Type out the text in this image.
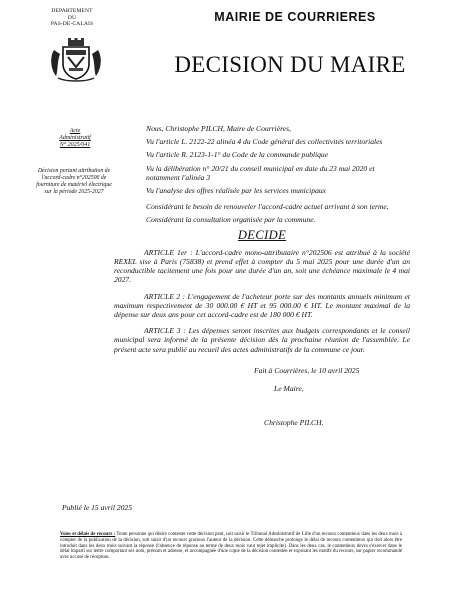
DEPARTEMENT
DU
PAS-DE-CALAIS
MAIRIE DE COURRIERES
DECISION DU MAIRE
Acte
Administratif
N° 2025/041
Décision portant attribution de l'accord-cadre n°202506 de fourniture de matériel électrique sur la période 2025-2027
Nous, Christophe PILCH, Maire de Courrières,
Vu l'article L. 2122-22 alinéa 4 du Code général des collectivités territoriales
Vu l'article R. 2123-1-1° du Code de la commande publique
Vu la délibération n° 20/21 du conseil municipal en date du 23 mai 2020 et notamment l'alinéa 3
Vu l'analyse des offres réalisée par les services municipaux
Considérant le besoin de renouveler l'accord-cadre actuel arrivant à son terme,
Considérant la consultation organisée par la commune.
DECIDE
ARTICLE 1er : L'accord-cadre mono-attributaire n°202506 est attribué à la société REXEL sise à Paris (75838) et prend effet à compter du 5 mai 2025 pour une durée d'un an reconductible tacitement une fois pour une durée d'un an, soit une échéance maximale le 4 mai 2027.
ARTICLE 2 : L'engagement de l'acheteur porte sur des montants annuels minimum et maximum respectivement de 30 000.00 € HT et 95 000.00 € HT. Le montant maximal de la dépense sur deux ans pour cet accord-cadre est de 180 000 € HT.
ARTICLE 3 : Les dépenses seront inscrites aux budgets correspondants et le conseil municipal sera informé de la présente décision dès la prochaine réunion de l'assemblée. Le présent acte sera publié au recueil des actes administratifs de la commune ce jour.
Fait à Courrières, le 10 avril 2025
Le Maire,
Christophe PILCH.
Publié le 15 avril 2025
Voies et délais de recours : Toute personne qui désire contester cette décision peut, soit saisir le Tribunal Administratif de Lille d'un recours contentieux dans les deux mois à compter de la publication de la décision, soit saisir d'un recours gracieux l'auteur de la décision. Cette démarche prolonge le délai de recours contentieux qui doit alors être introduit dans les deux mois suivant la réponse (l'absence de réponse au terme de deux mois vaut rejet implicite). Dans les deux cas, le contentieux devra s'exercer dans le délai imparti sur lettre comportant ses nom, prénom et adresse, et accompagnée d'une copie de la décision contestée et exposant les motifs du recours, sur papier recommandé avec accusé de réception.
